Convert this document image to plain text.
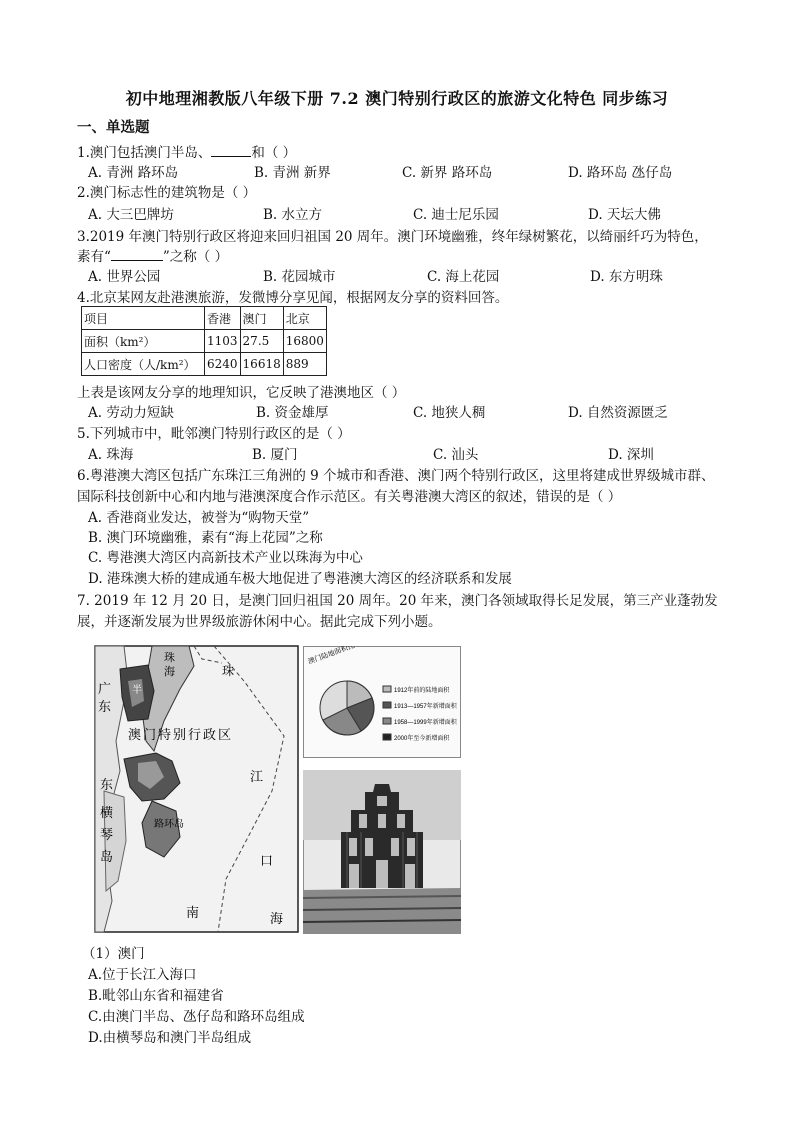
初中地理湘教版八年级下册 7.2 澳门特别行政区的旅游文化特色 同步练习
一、单选题
1.澳门包括澳门半岛、	和（ ）
A. 青洲 路环岛	B. 青洲 新界	C. 新界 路环岛	D. 路环岛 氹仔岛
2.澳门标志性的建筑物是（ ）
A. 大三巴牌坊	B. 水立方	C. 迪士尼乐园	D. 天坛大佛
3.2019 年澳门特别行政区将迎来回归祖国 20 周年。澳门环境幽雅，终年绿树繁花，以绮丽纤巧为特色，
素有“	”之称（ ）
A. 世界公园	B. 花园城市	C. 海上花园	D. 东方明珠
4.北京某网友赴港澳旅游，发微博分享见闻，根据网友分享的资料回答。
项目	香港	澳门	北京
面积（km²）	1103	27.5	16800
人口密度（人/km²）	6240	16618	889
上表是该网友分享的地理知识，它反映了港澳地区（ ）
A. 劳动力短缺	B. 资金雄厚	C. 地狭人稠	D. 自然资源匮乏
5.下列城市中，毗邻澳门特别行政区的是（ ）
A. 珠海	B. 厦门	C. 汕头	D. 深圳
6.粤港澳大湾区包括广东珠江三角洲的 9 个城市和香港、澳门两个特别行政区，这里将建成世界级城市群、
国际科技创新中心和内地与港澳深度合作示范区。有关粤港澳大湾区的叙述，错误的是（ ）
A. 香港商业发达，被誉为“购物天堂”
B. 澳门环境幽雅，素有“海上花园”之称
C. 粤港澳大湾区内高新技术产业以珠海为中心
D. 港珠澳大桥的建成通车极大地促进了粤港澳大湾区的经济联系和发展
7. 2019 年 12 月 20 日，是澳门回归祖国 20 周年。20 年来，澳门各领域取得长足发展，第三产业蓬勃发
展，并逐渐发展为世界级旅游休闲中心。据此完成下列小题。
广
东
珠
海
东
横
琴
岛
半
澳门特别行政区
珠
江
口
南	海
路环岛
1912年前的陆地面积
1913—1957年新增面积
1958—1999年新增面积
2000年至今新增面积
（1）澳门
A.位于长江入海口
B.毗邻山东省和福建省
C.由澳门半岛、氹仔岛和路环岛组成
D.由横琴岛和澳门半岛组成
